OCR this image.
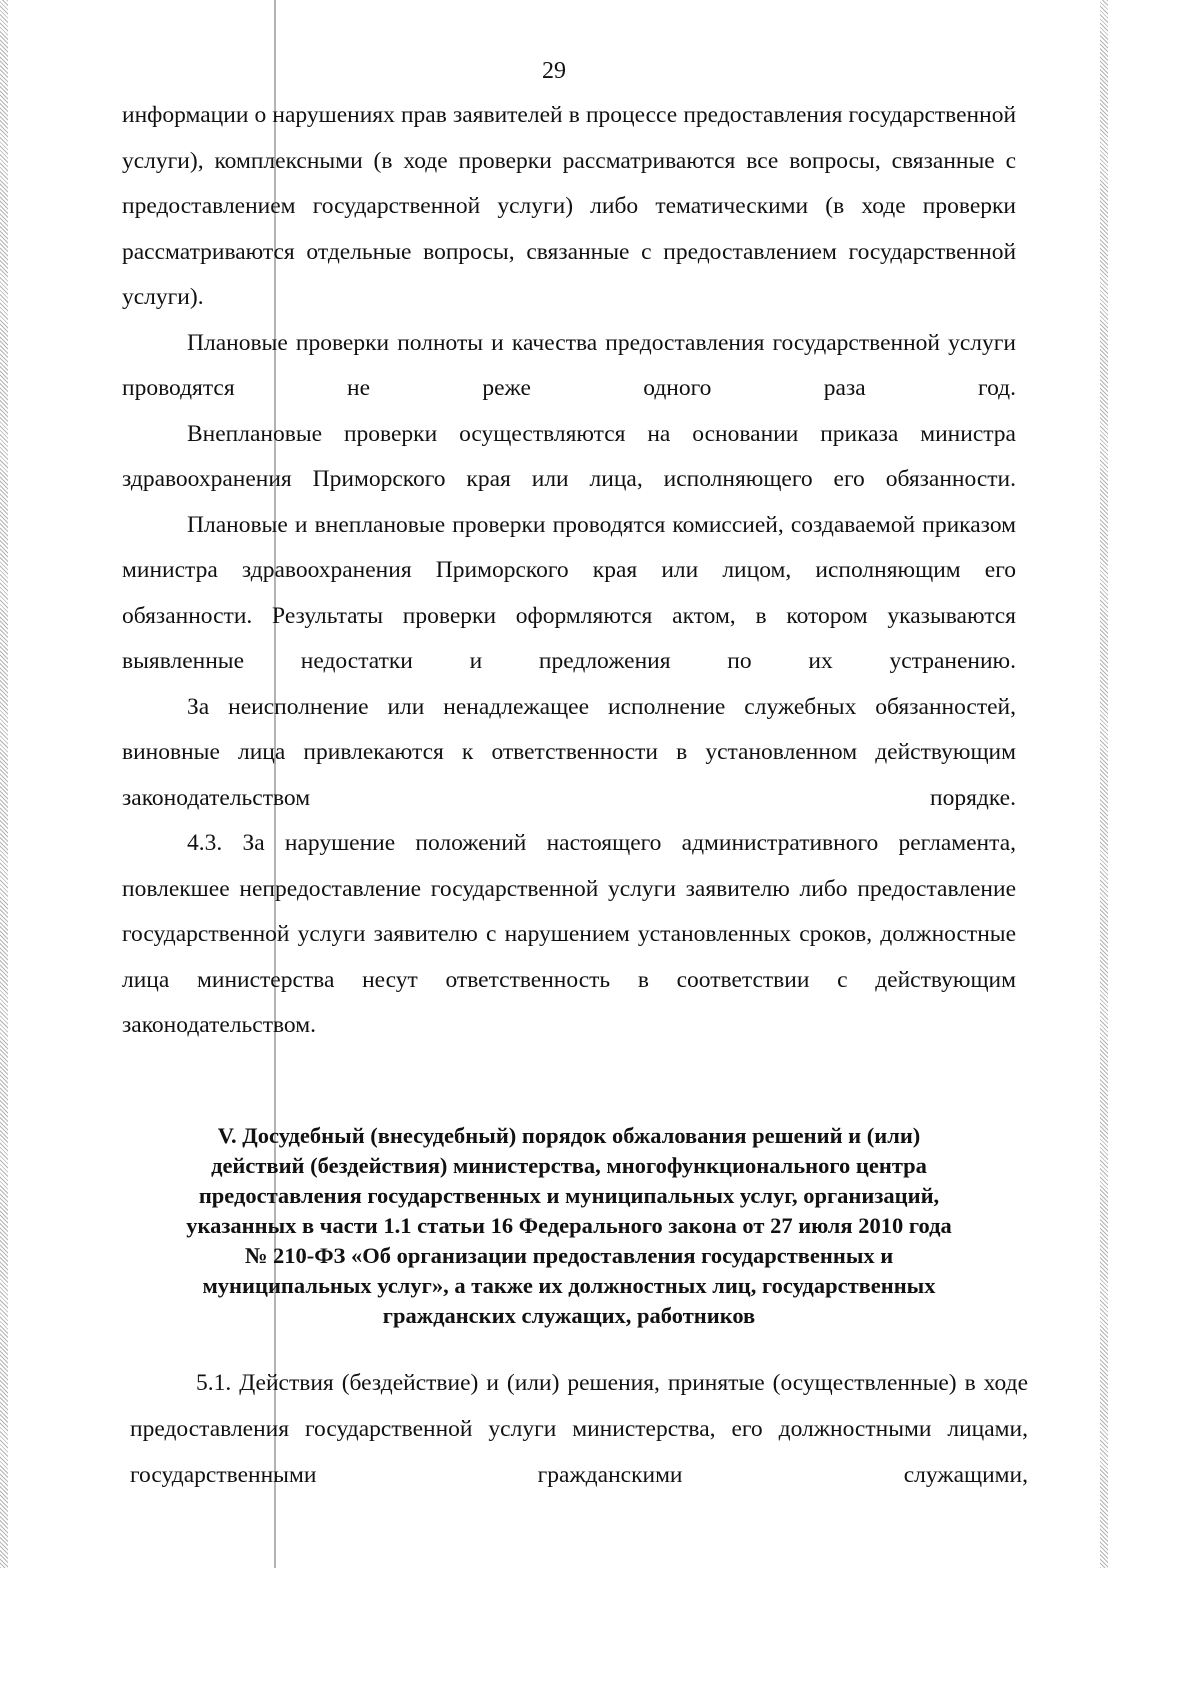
29

информации о нарушениях прав заявителей в процессе предоставления государственной услуги), комплексными (в ходе проверки рассматриваются все вопросы, связанные с предоставлением государственной услуги) либо тематическими (в ходе проверки рассматриваются отдельные вопросы, связанные с предоставлением государственной услуги).

Плановые проверки полноты и качества предоставления государственной услуги проводятся не реже одного раза год.

Внеплановые проверки осуществляются на основании приказа министра здравоохранения Приморского края или лица, исполняющего его обязанности.

Плановые и внеплановые проверки проводятся комиссией, создаваемой приказом министра здравоохранения Приморского края или лицом, исполняющим его обязанности. Результаты проверки оформляются актом, в котором указываются выявленные недостатки и предложения по их устранению.

За неисполнение или ненадлежащее исполнение служебных обязанностей, виновные лица привлекаются к ответственности в установленном действующим законодательством порядке.

4.3. За нарушение положений настоящего административного регламента, повлекшее непредоставление государственной услуги заявителю либо предоставление государственной услуги заявителю с нарушением установленных сроков, должностные лица министерства несут ответственность в соответствии с действующим законодательством.

V. Досудебный (внесудебный) порядок обжалования решений и (или)
действий (бездействия) министерства, многофункционального центра
предоставления государственных и муниципальных услуг, организаций,
указанных в части 1.1 статьи 16 Федерального закона от 27 июля 2010 года
№ 210-ФЗ «Об организации предоставления государственных и
муниципальных услуг», а также их должностных лиц, государственных
гражданских служащих, работников

5.1. Действия (бездействие) и (или) решения, принятые (осуществленные) в ходе предоставления государственной услуги министерства, его должностными лицами, государственными гражданскими служащими,
